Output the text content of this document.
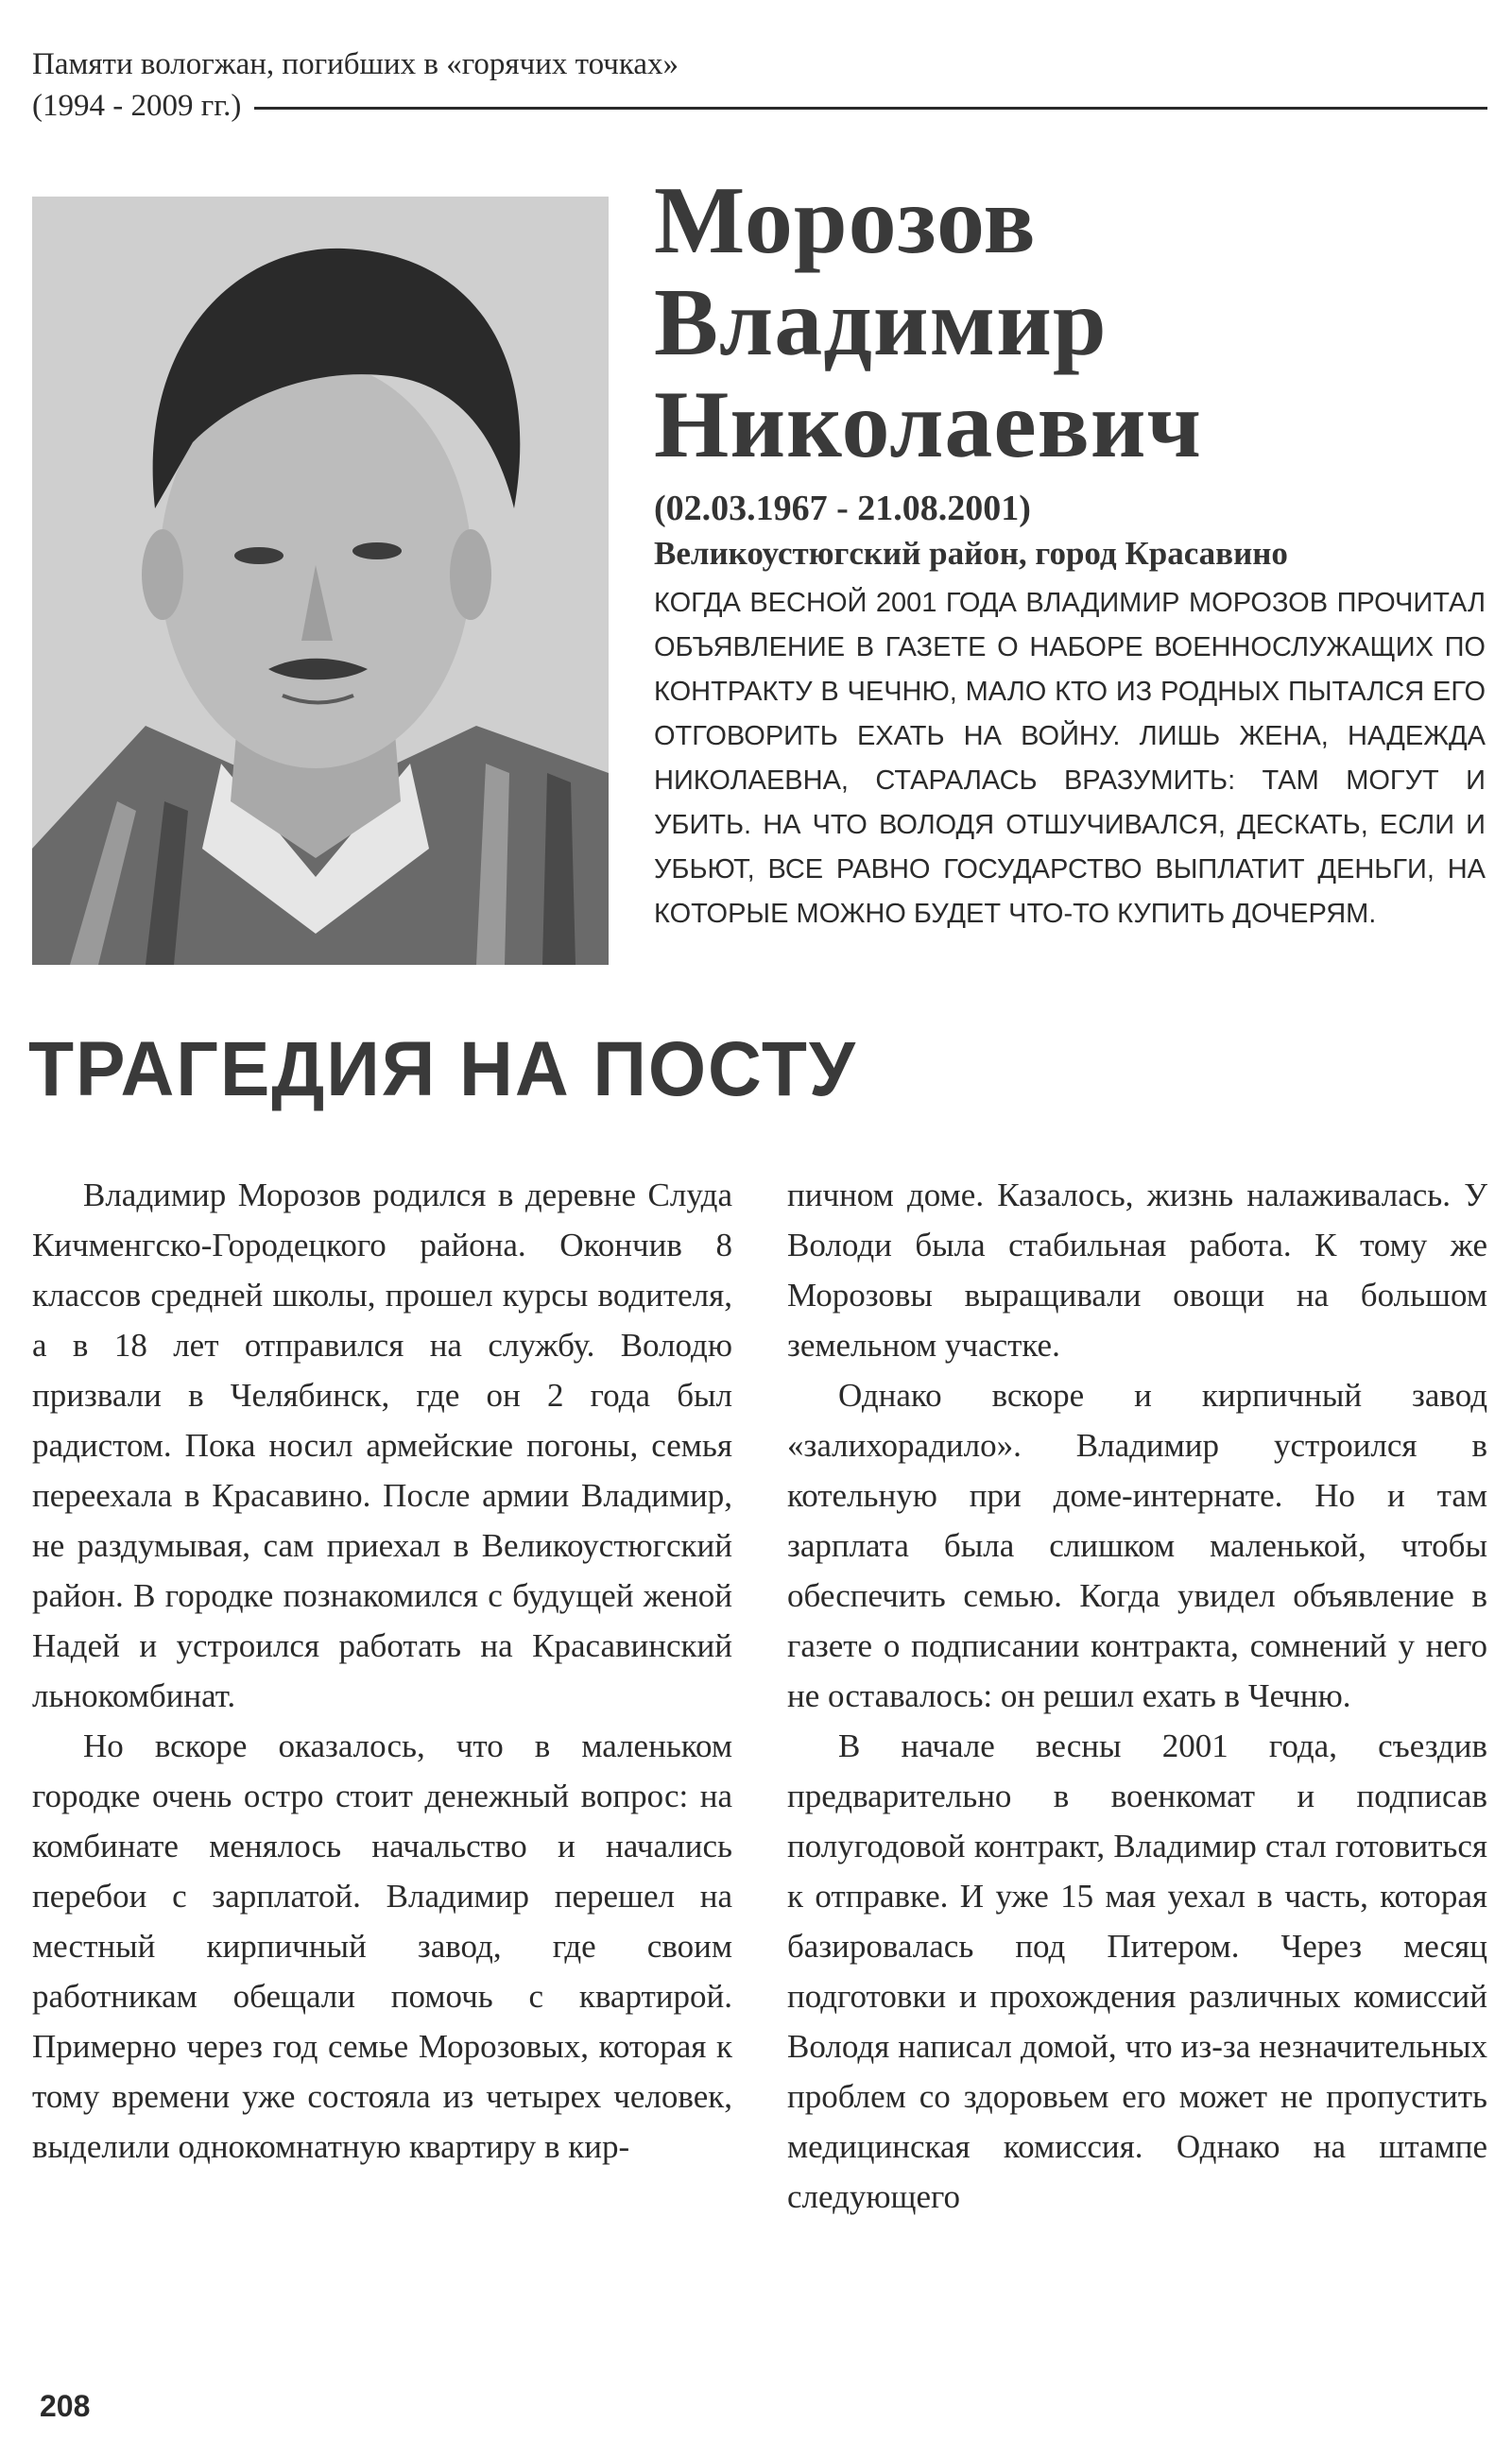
Памяти вологжан, погибших в «горячих точках»
(1994 - 2009 гг.)
Морозов
Владимир
Николаевич
(02.03.1967 - 21.08.2001)
Великоустюгский район, город Красавино
КОГДА ВЕСНОЙ 2001 ГОДА ВЛАДИМИР МОРОЗОВ ПРОЧИТАЛ ОБЪЯВЛЕНИЕ В ГАЗЕТЕ О НАБОРЕ ВОЕННОСЛУЖАЩИХ ПО КОНТРАКТУ В ЧЕЧНЮ, МАЛО КТО ИЗ РОДНЫХ ПЫТАЛСЯ ЕГО ОТГОВОРИТЬ ЕХАТЬ НА ВОЙНУ. ЛИШЬ ЖЕНА, НАДЕЖДА НИКОЛАЕВНА, СТАРАЛАСЬ ВРАЗУМИТЬ: ТАМ МОГУТ И УБИТЬ. НА ЧТО ВОЛОДЯ ОТШУЧИВАЛСЯ, ДЕСКАТЬ, ЕСЛИ И УБЬЮТ, ВСЕ РАВНО ГОСУДАРСТВО ВЫПЛАТИТ ДЕНЬГИ, НА КОТОРЫЕ МОЖНО БУДЕТ ЧТО-ТО КУПИТЬ ДОЧЕРЯМ.
ТРАГЕДИЯ НА ПОСТУ

Владимир Морозов родился в деревне Слуда Кичменгско-Городецкого района. Окончив 8 классов средней школы, прошел курсы водителя, а в 18 лет отправился на службу. Володю призвали в Челябинск, где он 2 года был радистом. Пока носил армейские погоны, семья переехала в Красавино. После армии Владимир, не раздумывая, сам приехал в Великоустюгский район. В городке познакомился с будущей женой Надей и устроился работать на Красавинский льнокомбинат.

Но вскоре оказалось, что в маленьком городке очень остро стоит денежный вопрос: на комбинате менялось начальство и начались перебои с зарплатой. Владимир перешел на местный кирпичный завод, где своим работникам обещали помочь с квартирой. Примерно через год семье Морозовых, которая к тому времени уже состояла из четырех человек, выделили однокомнатную квартиру в кир-

пичном доме. Казалось, жизнь налаживалась. У Володи была стабильная работа. К тому же Морозовы выращивали овощи на большом земельном участке.

Однако вскоре и кирпичный завод «залихорадило». Владимир устроился в котельную при доме-интернате. Но и там зарплата была слишком маленькой, чтобы обеспечить семью. Когда увидел объявление в газете о подписании контракта, сомнений у него не оставалось: он решил ехать в Чечню.

В начале весны 2001 года, съездив предварительно в военкомат и подписав полугодовой контракт, Владимир стал готовиться к отправке. И уже 15 мая уехал в часть, которая базировалась под Питером. Через месяц подготовки и прохождения различных комиссий Володя написал домой, что из-за незначительных проблем со здоровьем его может не пропустить медицинская комиссия. Однако на штампе следующего

208
